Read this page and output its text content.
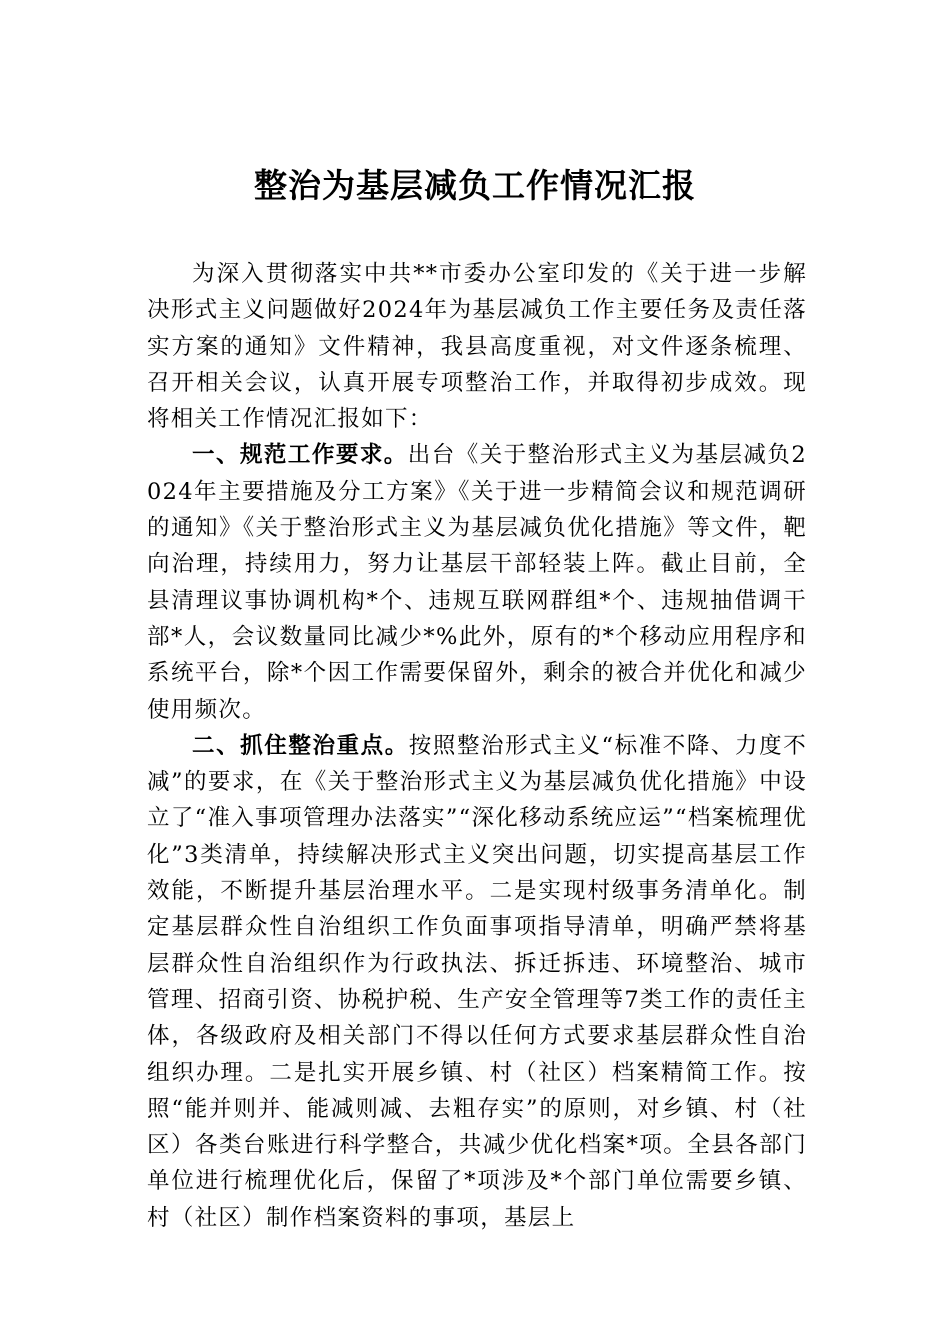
整治为基层减负工作情况汇报

为深入贯彻落实中共**市委办公室印发的《关于进一步解决形式主义问题做好2024年为基层减负工作主要任务及责任落实方案的通知》文件精神，我县高度重视，对文件逐条梳理、召开相关会议，认真开展专项整治工作，并取得初步成效。现将相关工作情况汇报如下：

一、规范工作要求。出台《关于整治形式主义为基层减负2024年主要措施及分工方案》《关于进一步精简会议和规范调研的通知》《关于整治形式主义为基层减负优化措施》等文件，靶向治理，持续用力，努力让基层干部轻装上阵。截止目前，全县清理议事协调机构*个、违规互联网群组*个、违规抽借调干部*人，会议数量同比减少*%此外，原有的*个移动应用程序和系统平台，除*个因工作需要保留外，剩余的被合并优化和减少使用频次。

二、抓住整治重点。按照整治形式主义“标准不降、力度不减”的要求，在《关于整治形式主义为基层减负优化措施》中设立了“准入事项管理办法落实”“深化移动系统应运”“档案梳理优化”3类清单，持续解决形式主义突出问题，切实提高基层工作效能，不断提升基层治理水平。二是实现村级事务清单化。制定基层群众性自治组织工作负面事项指导清单，明确严禁将基层群众性自治组织作为行政执法、拆迁拆违、环境整治、城市管理、招商引资、协税护税、生产安全管理等7类工作的责任主体，各级政府及相关部门不得以任何方式要求基层群众性自治组织办理。二是扎实开展乡镇、村（社区）档案精简工作。按照“能并则并、能减则减、去粗存实”的原则，对乡镇、村（社区）各类台账进行科学整合，共减少优化档案*项。全县各部门单位进行梳理优化后，保留了*项涉及*个部门单位需要乡镇、村（社区）制作档案资料的事项，基层上
